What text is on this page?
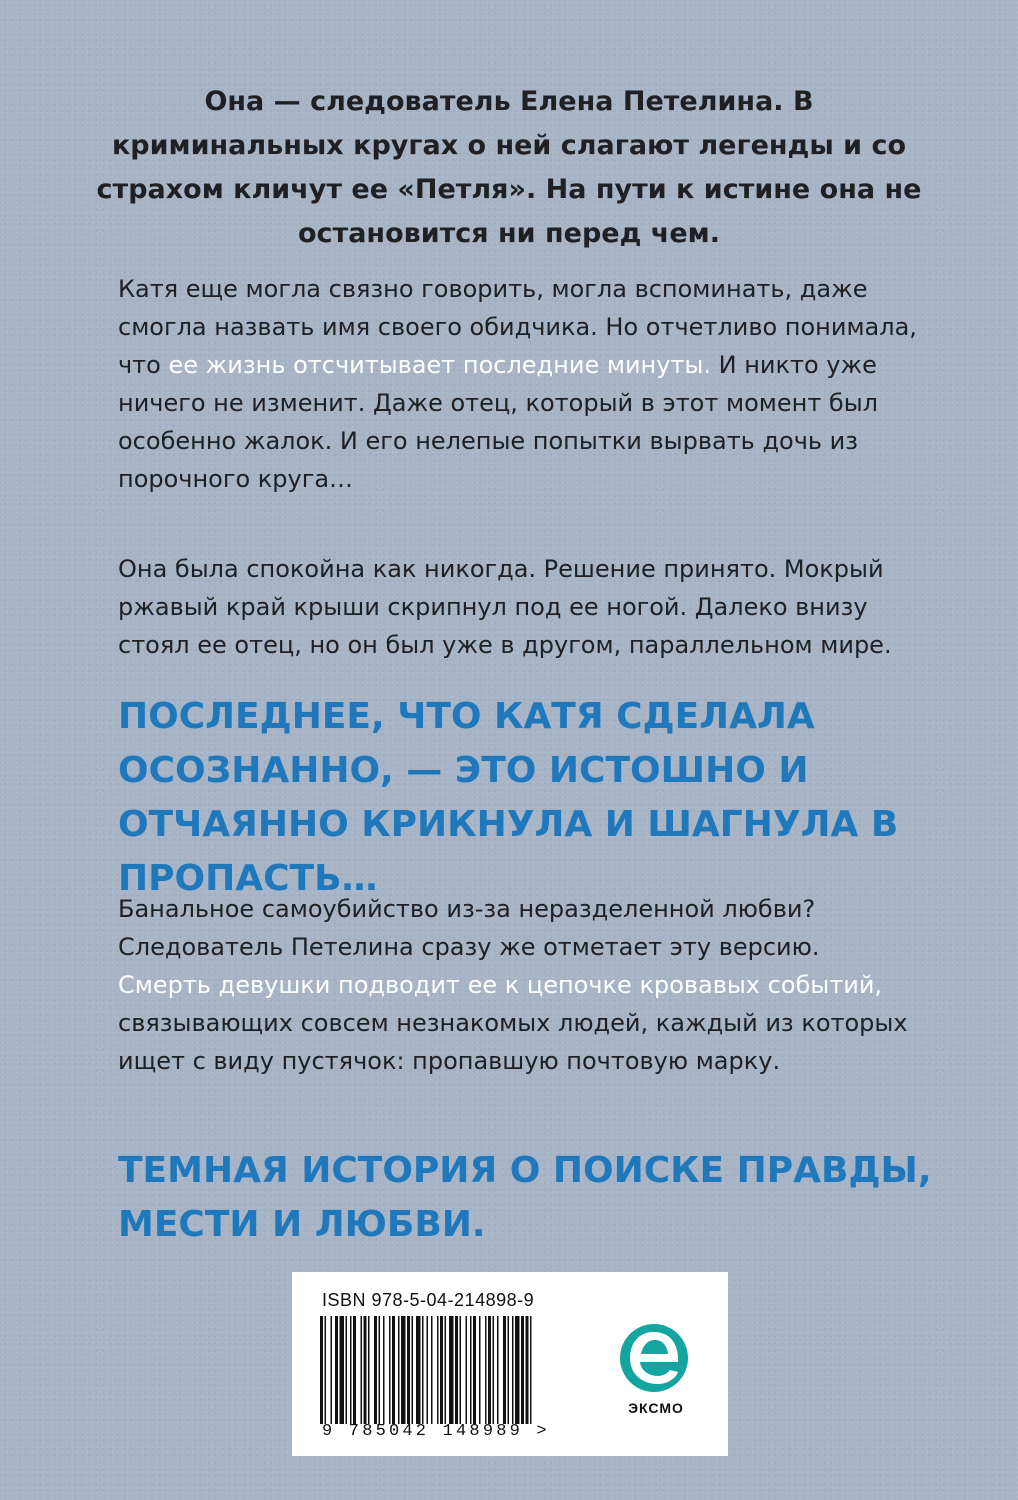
Она — следователь Елена Петелина. В криминальных кругах о ней слагают легенды и со страхом кличут ее «Петля». На пути к истине она не остановится ни перед чем.

Катя еще могла связно говорить, могла вспоминать, даже смогла назвать имя своего обидчика. Но отчетливо понимала, что ее жизнь отсчитывает последние минуты. И никто уже ничего не изменит. Даже отец, который в этот момент был особенно жалок. И его нелепые попытки вырвать дочь из порочного круга…

Она была спокойна как никогда. Решение принято. Мокрый ржавый край крыши скрипнул под ее ногой. Далеко внизу стоял ее отец, но он был уже в другом, параллельном мире.

ПОСЛЕДНЕЕ, ЧТО КАТЯ СДЕЛАЛА ОСОЗНАННО, — ЭТО ИСТОШНО И ОТЧАЯННО КРИКНУЛА И ШАГНУЛА В ПРОПАСТЬ…

Банальное самоубийство из-за неразделенной любви? Следователь Петелина сразу же отметает эту версию. Смерть девушки подводит ее к цепочке кровавых событий, связывающих совсем незнакомых людей, каждый из которых ищет с виду пустячок: пропавшую почтовую марку.

ТЕМНАЯ ИСТОРИЯ О ПОИСКЕ ПРАВДЫ, МЕСТИ И ЛЮБВИ.

ISBN 978-5-04-214898-9
9 785042 148989 >
ЭКСМО
